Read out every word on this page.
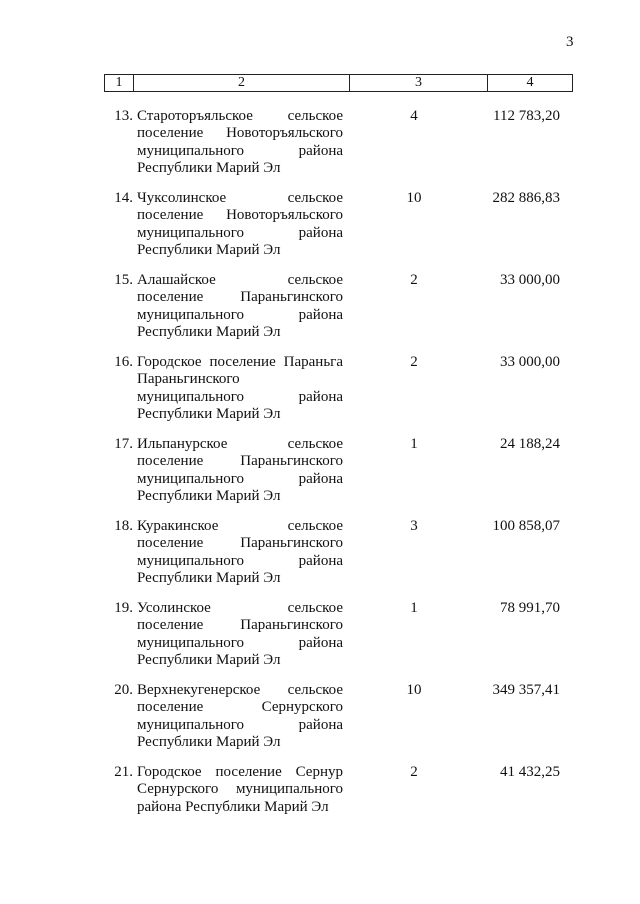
3
1	2	3	4
13. Староторъяльское сельское
поселение Новоторъяльского
муниципального района
Республики Марий Эл
4	112 783,20
14. Чуксолинское сельское
поселение Новоторъяльского
муниципального района
Республики Марий Эл
10	282 886,83
15. Алашайское сельское
поселение Параньгинского
муниципального района
Республики Марий Эл
2	33 000,00
16. Городское поселение Параньга
Параньгинского
муниципального района
Республики Марий Эл
2	33 000,00
17. Ильпанурское сельское
поселение Параньгинского
муниципального района
Республики Марий Эл
1	24 188,24
18. Куракинское сельское
поселение Параньгинского
муниципального района
Республики Марий Эл
3	100 858,07
19. Усолинское сельское
поселение Параньгинского
муниципального района
Республики Марий Эл
1	78 991,70
20. Верхнекугенерское сельское
поселение Сернурского
муниципального района
Республики Марий Эл
10	349 357,41
21. Городское поселение Сернур
Сернурского муниципального
района Республики Марий Эл
2	41 432,25
